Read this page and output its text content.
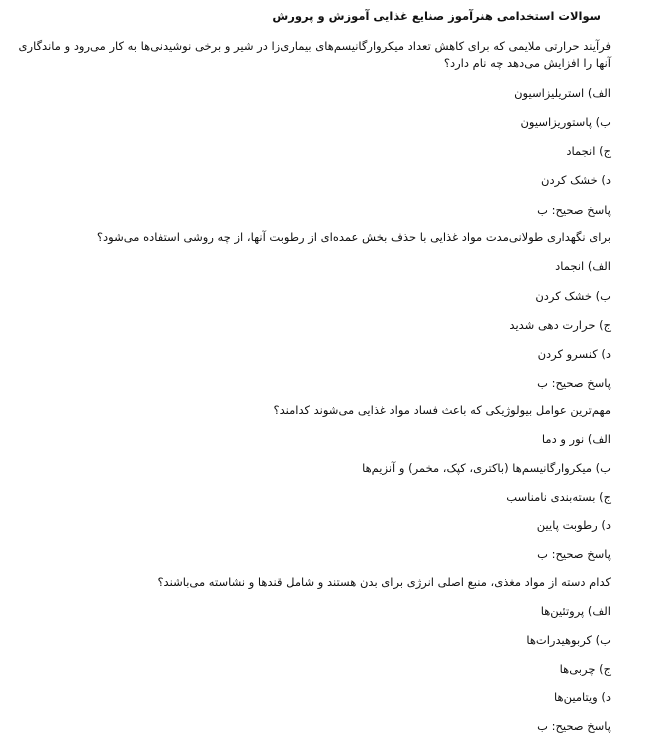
سوالات استخدامی هنرآموز صنایع غذایی آموزش و پرورش
فرآیند حرارتی ملایمی که برای کاهش تعداد میکروارگانیسم‌های بیماری‌زا در شیر و برخی نوشیدنی‌ها به کار می‌رود و ماندگاری آنها را افزایش می‌دهد چه نام دارد؟
الف) استریلیزاسیون
ب) پاستوریزاسیون
ج) انجماد
د) خشک کردن
پاسخ صحیح: ب
برای نگهداری طولانی‌مدت مواد غذایی با حذف بخش عمده‌ای از رطوبت آنها، از چه روشی استفاده می‌شود؟
الف) انجماد
ب) خشک کردن
ج) حرارت دهی شدید
د) کنسرو کردن
پاسخ صحیح: ب
مهم‌ترین عوامل بیولوژیکی که باعث فساد مواد غذایی می‌شوند کدامند؟
الف) نور و دما
ب) میکروارگانیسم‌ها (باکتری، کپک، مخمر) و آنزیم‌ها
ج) بسته‌بندی نامناسب
د) رطوبت پایین
پاسخ صحیح: ب
کدام دسته از مواد مغذی، منبع اصلی انرژی برای بدن هستند و شامل قندها و نشاسته می‌باشند؟
الف) پروتئین‌ها
ب) کربوهیدرات‌ها
ج) چربی‌ها
د) ویتامین‌ها
پاسخ صحیح: ب
